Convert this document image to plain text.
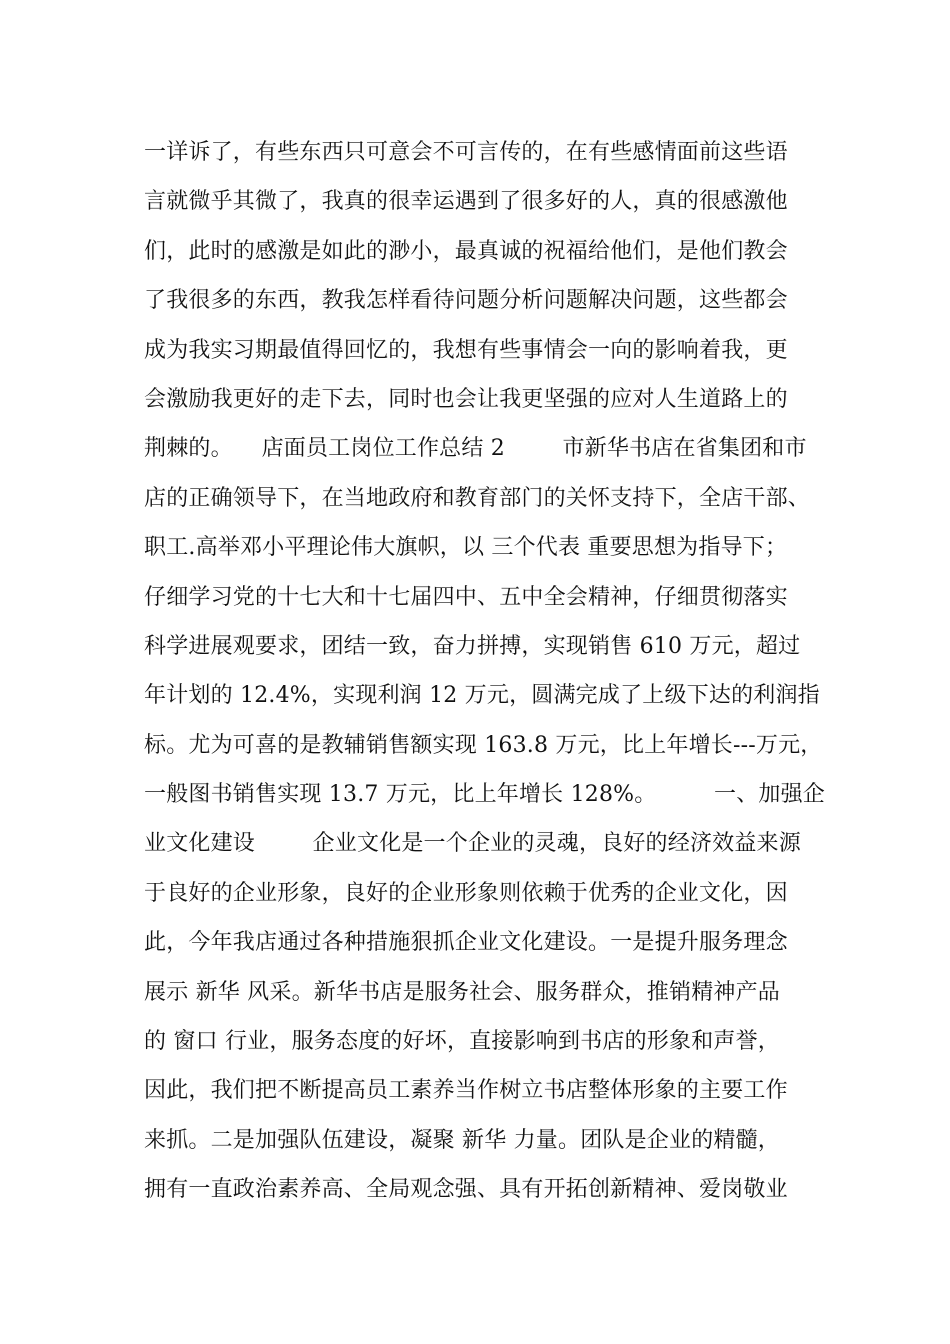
一详诉了，有些东西只可意会不可言传的，在有些感情面前这些语
言就微乎其微了，我真的很幸运遇到了很多好的人，真的很感激他
们，此时的感激是如此的渺小，最真诚的祝福给他们，是他们教会
了我很多的东西，教我怎样看待问题分析问题解决问题，这些都会
成为我实习期最值得回忆的，我想有些事情会一向的影响着我，更
会激励我更好的走下去，同时也会让我更坚强的应对人生道路上的
荆棘的。    店面员工岗位工作总结 2        市新华书店在省集团和市
店的正确领导下，在当地政府和教育部门的关怀支持下，全店干部、
职工.高举邓小平理论伟大旗帜，以 三个代表 重要思想为指导下；
仔细学习党的十七大和十七届四中、五中全会精神，仔细贯彻落实
科学进展观要求，团结一致，奋力拼搏，实现销售 610 万元，超过
年计划的 12.4%，实现利润 12 万元，圆满完成了上级下达的利润指
标。尤为可喜的是教辅销售额实现 163.8 万元，比上年增长---万元，
一般图书销售实现 13.7 万元，比上年增长 128%。        一、加强企
业文化建设        企业文化是一个企业的灵魂，良好的经济效益来源
于良好的企业形象，良好的企业形象则依赖于优秀的企业文化，因
此，今年我店通过各种措施狠抓企业文化建设。一是提升服务理念
展示 新华 风采。新华书店是服务社会、服务群众，推销精神产品
的 窗口 行业，服务态度的好坏，直接影响到书店的形象和声誉，
因此，我们把不断提高员工素养当作树立书店整体形象的主要工作
来抓。二是加强队伍建设，凝聚 新华 力量。团队是企业的精髓，
拥有一直政治素养高、全局观念强、具有开拓创新精神、爱岗敬业
